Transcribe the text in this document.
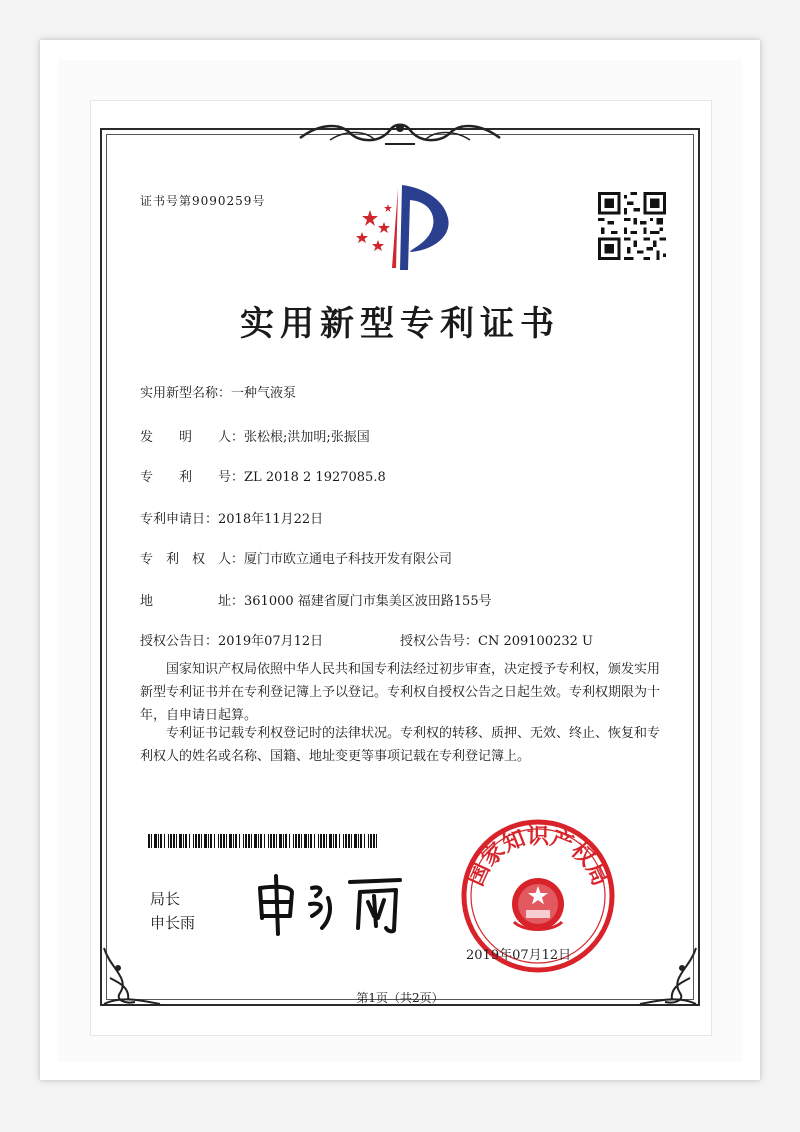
证书号第9090259号
实用新型专利证书
实用新型名称：一种气液泵
发　　明　　人：张松根;洪加明;张振国
专　　利　　号：ZL 2018 2 1927085.8
专利申请日：2018年11月22日
专　利　权　人：厦门市欧立通电子科技开发有限公司
地　　　　　址：361000 福建省厦门市集美区波田路155号
授权公告日：2019年07月12日	授权公告号：CN 209100232 U
国家知识产权局依照中华人民共和国专利法经过初步审查，决定授予专利权，颁发实用新型专利证书并在专利登记簿上予以登记。专利权自授权公告之日起生效。专利权期限为十年，自申请日起算。
专利证书记载专利权登记时的法律状况。专利权的转移、质押、无效、终止、恢复和专利权人的姓名或名称、国籍、地址变更等事项记载在专利登记簿上。
局长
申长雨
国家知识产权局
2019年07月12日
第1页（共2页）
